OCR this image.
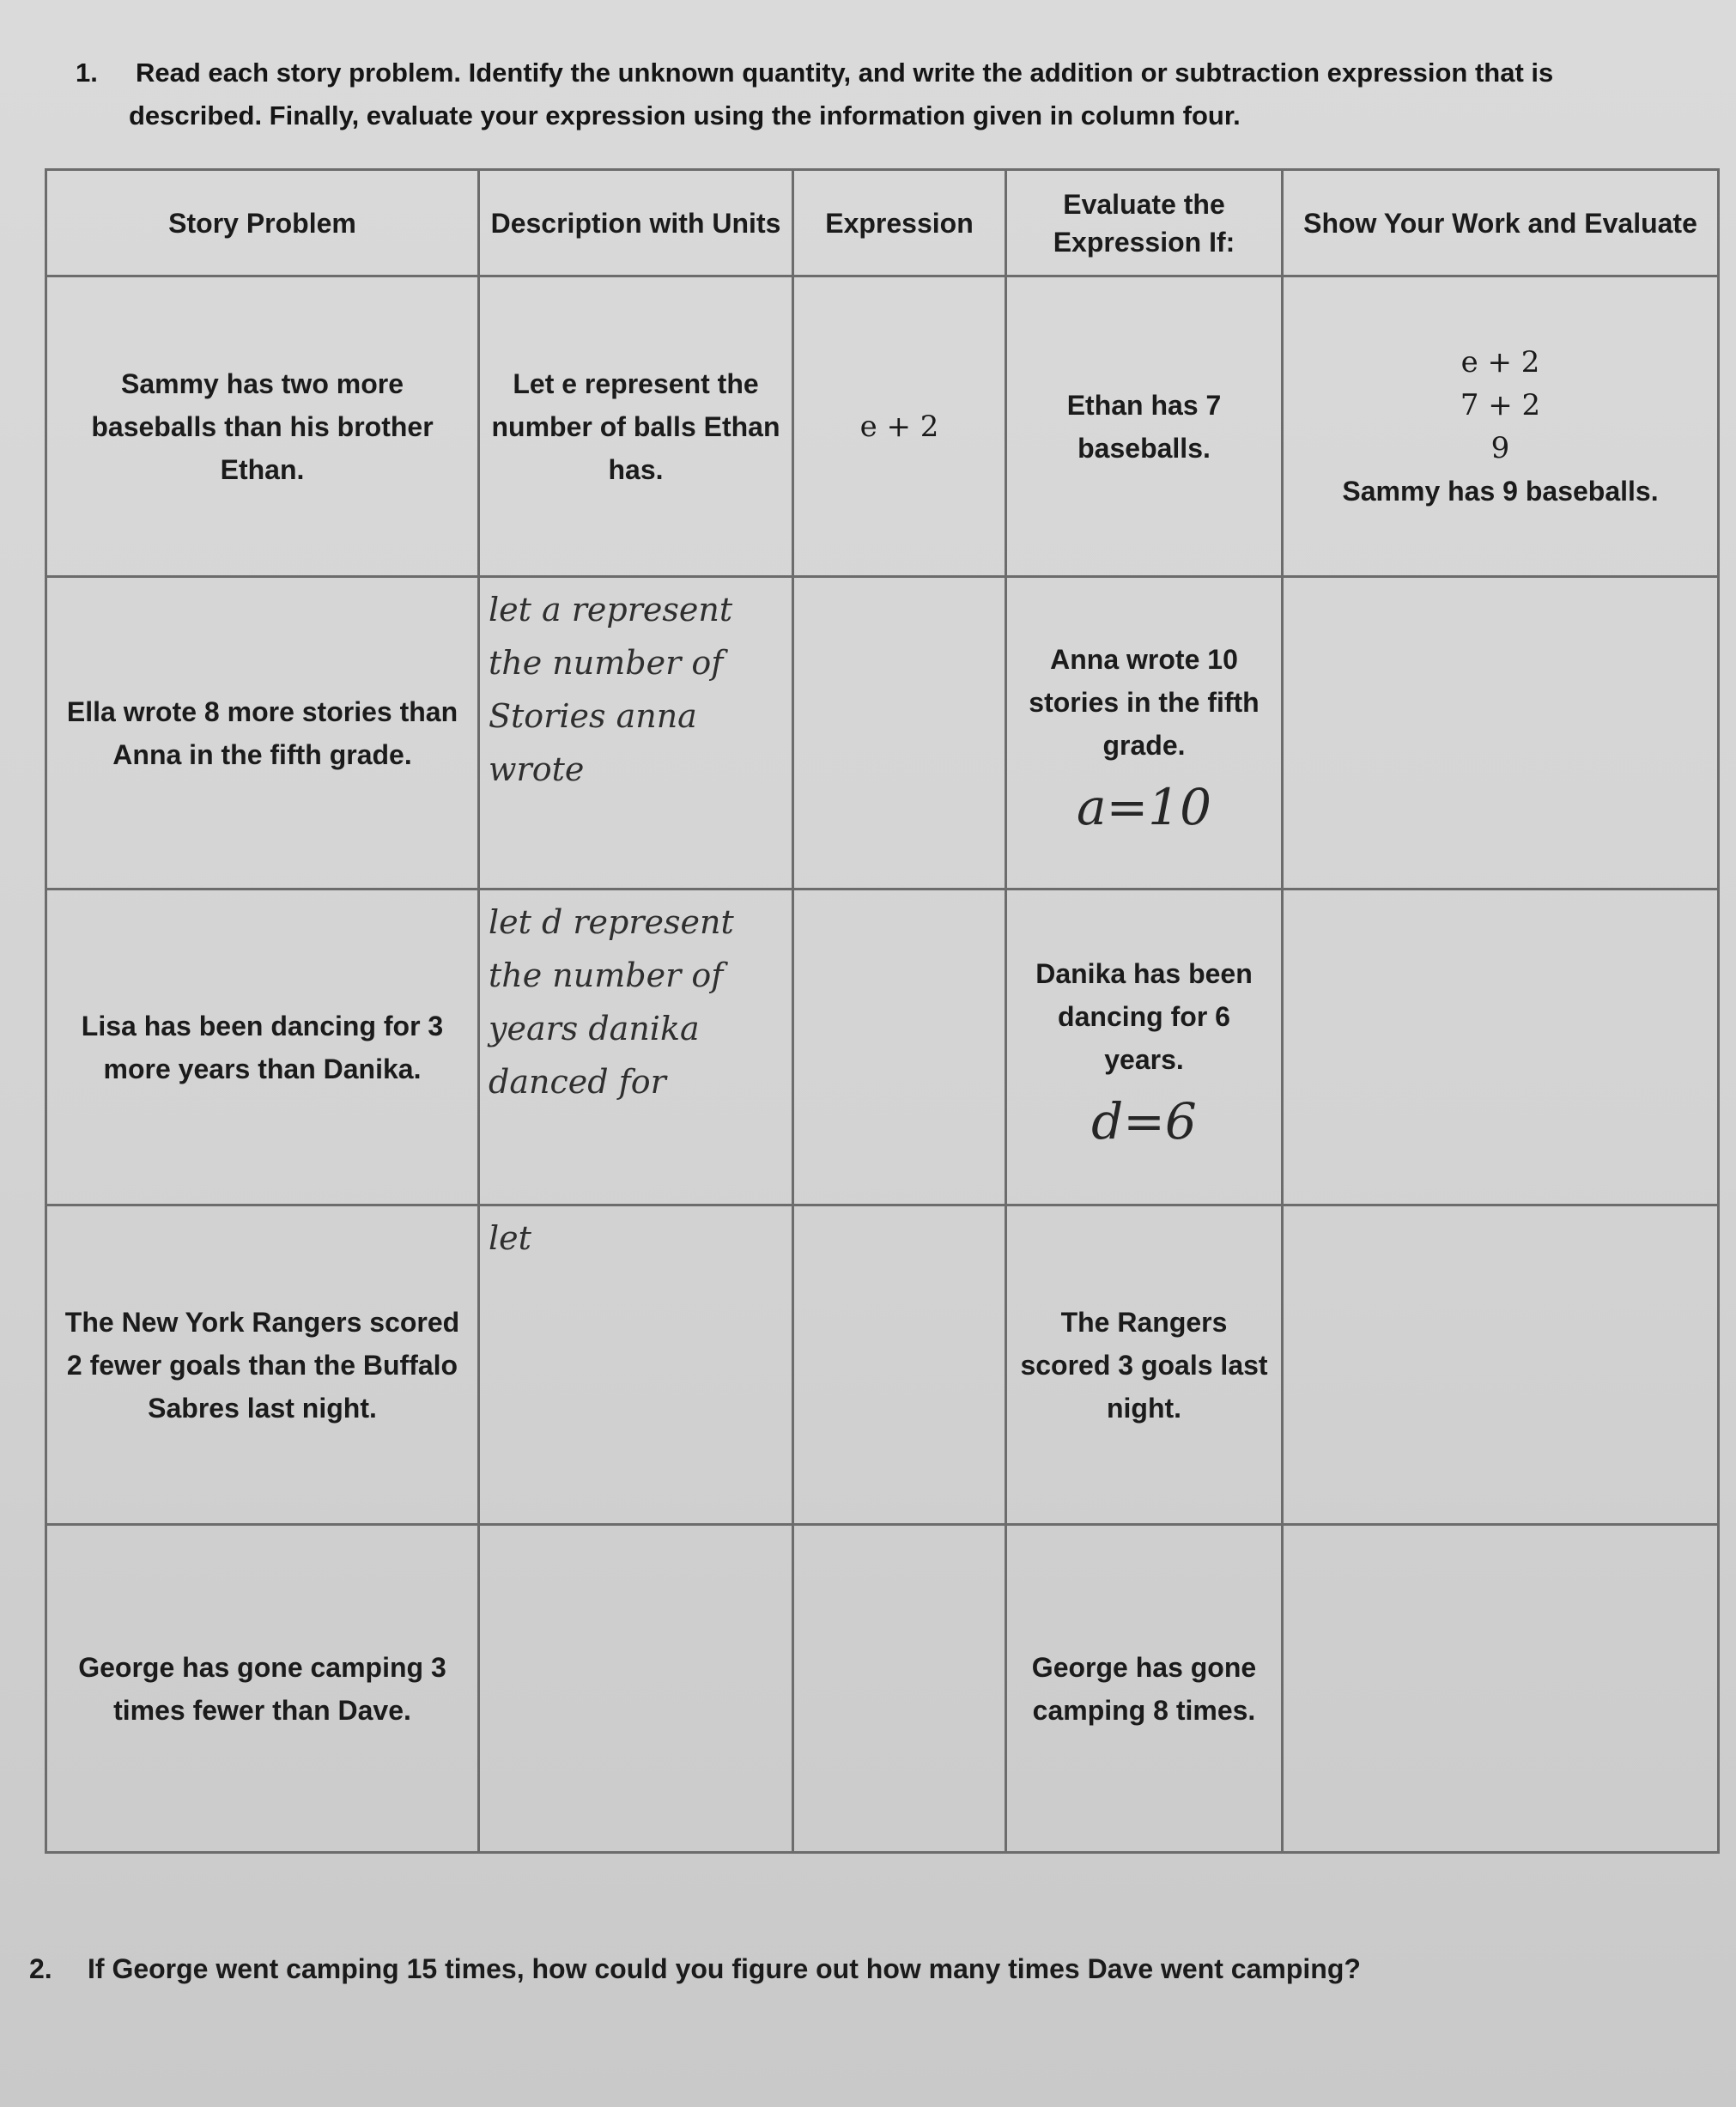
1. Read each story problem. Identify the unknown quantity, and write the addition or subtraction expression that is
described. Finally, evaluate your expression using the information given in column four.
Story Problem	Description with Units	Expression	Evaluate the Expression If:	Show Your Work and Evaluate
Sammy has two more baseballs than his brother Ethan.	Let e represent the number of balls Ethan has.	e + 2	Ethan has 7 baseballs.	e + 2
7 + 2
9
Sammy has 9 baseballs.

Ella wrote 8 more stories than Anna in the fifth grade.	let a represent the number of Stories anna wrote		Anna wrote 10 stories in the fifth grade.
a=10	

Lisa has been dancing for 3 more years than Danika.	let d represent the number of years danika danced for		Danika has been dancing for 6 years.
d=6	

The New York Rangers scored 2 fewer goals than the Buffalo Sabres last night.	let		The Rangers scored 3 goals last night.	
George has gone camping 3 times fewer than Dave.			George has gone camping 8 times.	
2. If George went camping 15 times, how could you figure out how many times Dave went camping?
